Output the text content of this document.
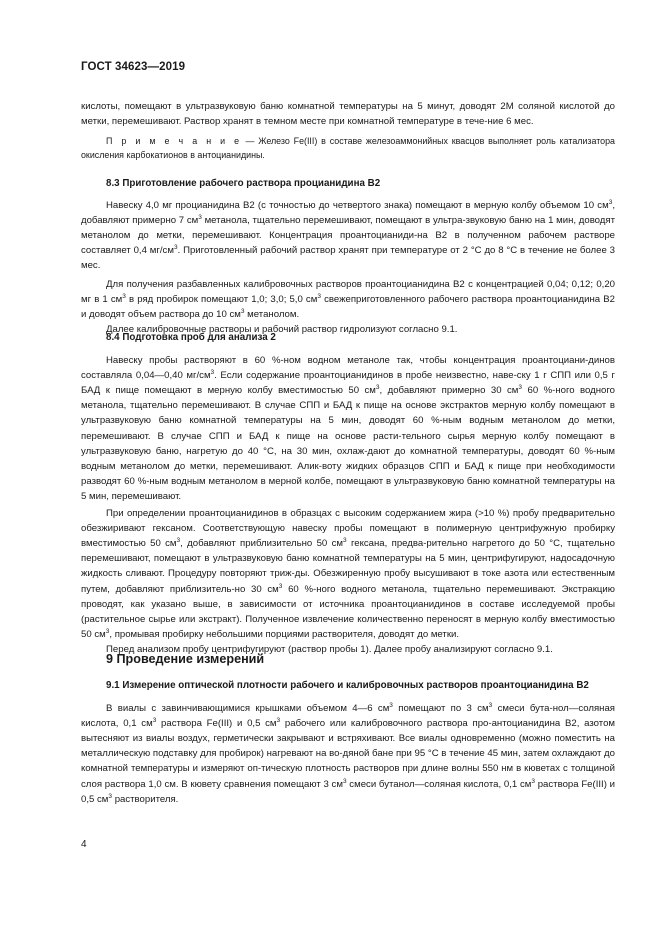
ГОСТ 34623—2019

кислоты, помещают в ультразвуковую баню комнатной температуры на 5 минут, доводят 2М соляной кислотой до метки, перемешивают. Раствор хранят в темном месте при комнатной температуре в тече-ние 6 мес.

П р и м е ч а н и е — Железо Fe(III) в составе железоаммонийных квасцов выполняет роль катализатора окисления карбокатионов в антоцианидины.

8.3 Приготовление рабочего раствора процианидина В2

Навеску 4,0 мг процианидина В2 (с точностью до четвертого знака) помещают в мерную колбу объемом 10 $см^3$, добавляют примерно 7 $см^3$ метанола, тщательно перемешивают, помещают в ультра-звуковую баню на 1 мин, доводят метанолом до метки, перемешивают. Концентрация проантоцианиди-на В2 в полученном рабочем растворе составляет 0,4 $мг/см^3$. Приготовленный рабочий раствор хранят при температуре от 2 °С до 8 °С в течение не более 3 мес.

Для получения разбавленных калибровочных растворов проантоцианидина В2 с концентрацией 0,04; 0,12; 0,20 мг в 1 $см^3$ в ряд пробирок помещают 1,0; 3,0; 5,0 $см^3$ свежеприготовленного рабочего раствора проантоцианидина В2 и доводят объем раствора до 10 $см^3$ метанолом.

Далее калибровочные растворы и рабочий раствор гидролизуют согласно 9.1.

8.4 Подготовка проб для анализа 2

Навеску пробы растворяют в 60 %-ном водном метаноле так, чтобы концентрация проантоциани-динов составляла 0,04—0,40 $мг/см^3$. Если содержание проантоцианидинов в пробе неизвестно, наве-ску 1 г СПП или 0,5 г БАД к пище помещают в мерную колбу вместимостью 50 $см^3$, добавляют примерно 30 $см^3$ 60 %-ного водного метанола, тщательно перемешивают. В случае СПП и БАД к пище на основе экстрактов мерную колбу помещают в ультразвуковую баню комнатной температуры на 5 мин, доводят 60 %-ным водным метанолом до метки, перемешивают. В случае СПП и БАД к пище на основе расти-тельного сырья мерную колбу помещают в ультразвуковую баню, нагретую до 40 °С, на 30 мин, охлаж-дают до комнатной температуры, доводят 60 %-ным водным метанолом до метки, перемешивают. Алик-воту жидких образцов СПП и БАД к пище при необходимости разводят 60 %-ным водным метанолом в мерной колбе, помещают в ультразвуковую баню комнатной температуры на 5 мин, перемешивают.

При определении проантоцианидинов в образцах с высоким содержанием жира (>10 %) пробу предварительно обезжиривают гексаном. Соответствующую навеску пробы помещают в полимерную центрифужную пробирку вместимостью 50 $см^3$, добавляют приблизительно 50 $см^3$ гексана, предва-рительно нагретого до 50 °С, тщательно перемешивают, помещают в ультразвуковую баню комнатной температуры на 5 мин, центрифугируют, надосадочную жидкость сливают. Процедуру повторяют триж-ды. Обезжиренную пробу высушивают в токе азота или естественным путем, добавляют приблизитель-но 30 $см^3$ 60 %-ного водного метанола, тщательно перемешивают. Экстракцию проводят, как указано выше, в зависимости от источника проантоцианидинов в составе исследуемой пробы (растительное сырье или экстракт). Полученное извлечение количественно переносят в мерную колбу вместимостью 50 $см^3$, промывая пробирку небольшими порциями растворителя, доводят до метки.

Перед анализом пробу центрифугируют (раствор пробы 1). Далее пробу анализируют согласно 9.1.

9 Проведение измерений

9.1 Измерение оптической плотности рабочего и калибровочных растворов проантоцианидина В2

В виалы с завинчивающимися крышками объемом 4—6 $см^3$ помещают по 3 $см^3$ смеси бута-нол—соляная кислота, 0,1 $см^3$ раствора Fe(III) и 0,5 $см^3$ рабочего или калибровочного раствора про-антоцианидина В2, азотом вытесняют из виалы воздух, герметически закрывают и встряхивают. Все виалы одновременно (можно поместить на металлическую подставку для пробирок) нагревают на во-дяной бане при 95 °С в течение 45 мин, затем охлаждают до комнатной температуры и измеряют оп-тическую плотность растворов при длине волны 550 нм в кюветах с толщиной слоя раствора 1,0 см. В кювету сравнения помещают 3 $см^3$ смеси бутанол—соляная кислота, 0,1 $см^3$ раствора Fe(III) и 0,5 $см^3$ растворителя.

4
